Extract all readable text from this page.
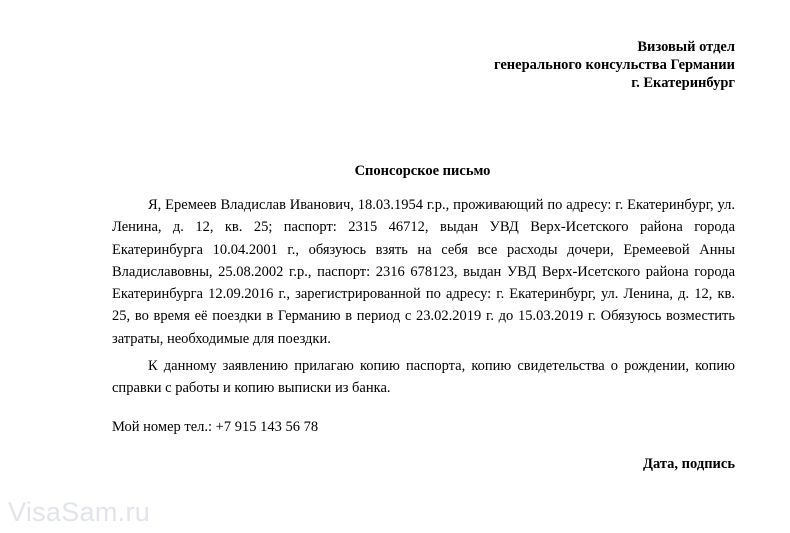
Визовый отдел
генерального консульства Германии
г. Екатеринбург
Спонсорское письмо

Я, Еремеев Владислав Иванович, 18.03.1954 г.р., проживающий по адресу: г. Екатеринбург, ул. Ленина, д. 12, кв. 25; паспорт: 2315 46712, выдан УВД Верх-Исетского района города Екатеринбурга 10.04.2001 г., обязуюсь взять на себя все расходы дочери, Еремеевой Анны Владиславовны, 25.08.2002 г.р., паспорт: 2316 678123, выдан УВД Верх-Исетского района города Екатеринбурга 12.09.2016 г., зарегистрированной по адресу: г. Екатеринбург, ул. Ленина, д. 12, кв. 25, во время её поездки в Германию в период с 23.02.2019 г. до 15.03.2019 г. Обязуюсь возместить затраты, необходимые для поездки.

К данному заявлению прилагаю копию паспорта, копию свидетельства о рождении, копию справки с работы и копию выписки из банка.

Мой номер тел.: +7 915 143 56 78
Дата, подпись
VisaSam.ru
